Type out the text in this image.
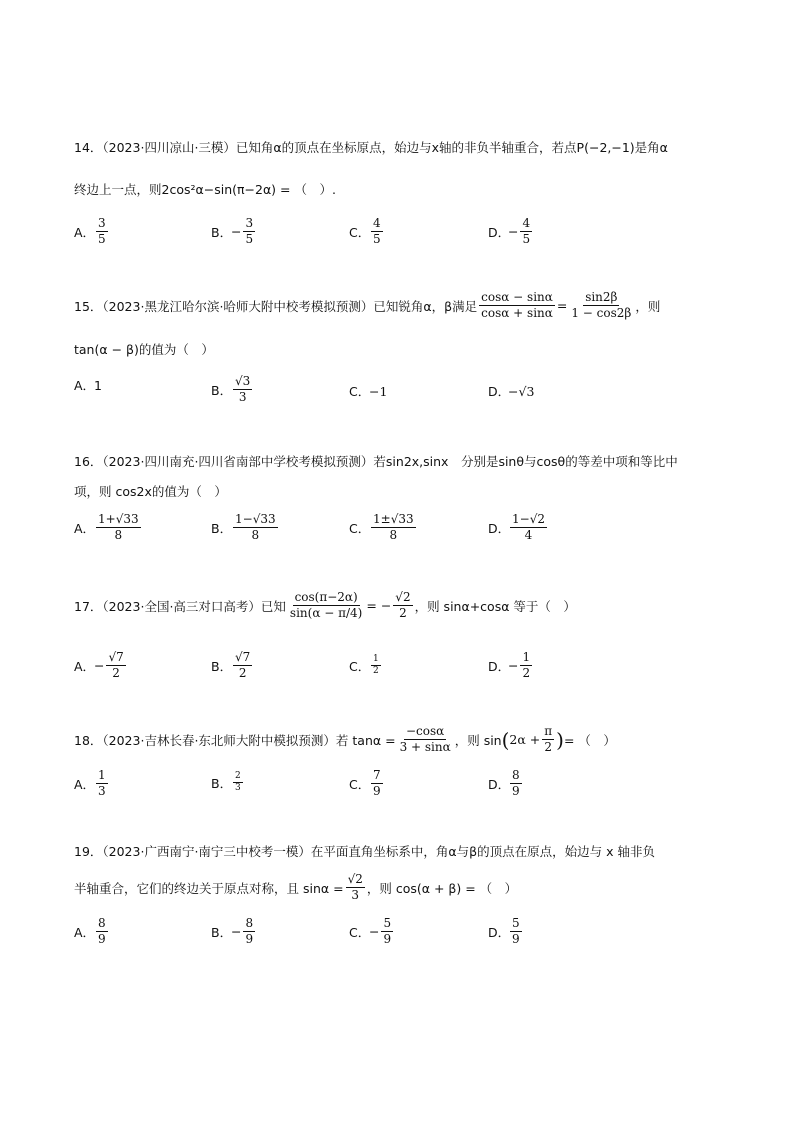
14．（2023·四川凉山·三模）已知角α的顶点在坐标原点，始边与x轴的非负半轴重合，若点P(−2,−1)是角α
终边上一点，则2cos²α−sin(π−2α) = （　）.
A．
3
5	B．
− $\frac{3}{5}$	C．
4
5	D．
− $\frac{4}{5}$
15．（2023·黑龙江哈尔滨·哈师大附中校考模拟预测）已知锐角α，β满足 $\frac{\cos\alpha - \sin\alpha}{\cos\alpha + \sin\alpha} = \frac{\sin 2\beta}{1 - \cos 2\beta}$ ，则
tan(α − β)的值为（　）
A．
1	B．
√3
3	C．
−1	D．
−√3
16．（2023·四川南充·四川省南部中学校考模拟预测）若sin2x,sinx　分别是sinθ与cosθ的等差中项和等比中
项，则 cos2x的值为（　）
A．
1+√33
8	B．
1−√33
8	C．
1±√33
8	D．
1−√2
4
17．（2023·全国·高三对口高考）已知 $\frac{\cos(\pi-2\alpha)}{\sin(\alpha - \pi/4)}$ = − $\frac{√2}{2}$ ，则 sinα+cosα 等于（　）
A．
− $\frac{√7}{2}$	B．
√7
2	C． 1
2	D．
− $\frac{1}{2}$
18．（2023·吉林长春·东北师大附中模拟预测）若 $\tan\alpha = \frac{-\cos\alpha}{3 + \sin\alpha}$ ，则 sin ( $2\alpha + \frac{\pi}{2}$ ) = （　）
A．
1
3
B． 2
3	C．
7
9	D．
8
9
19．（2023·广西南宁·南宁三中校考一模）在平面直角坐标系中，角α与β的顶点在原点，始边与 x 轴非负
半轴重合，它们的终边关于原点对称，且 $\sin\alpha = \frac{√2}{3}$ ，则 cos(α + β) = （　）
A．
8
9	B．
− $\frac{8}{9}$	C．
− $\frac{5}{9}$	D．
5
9
